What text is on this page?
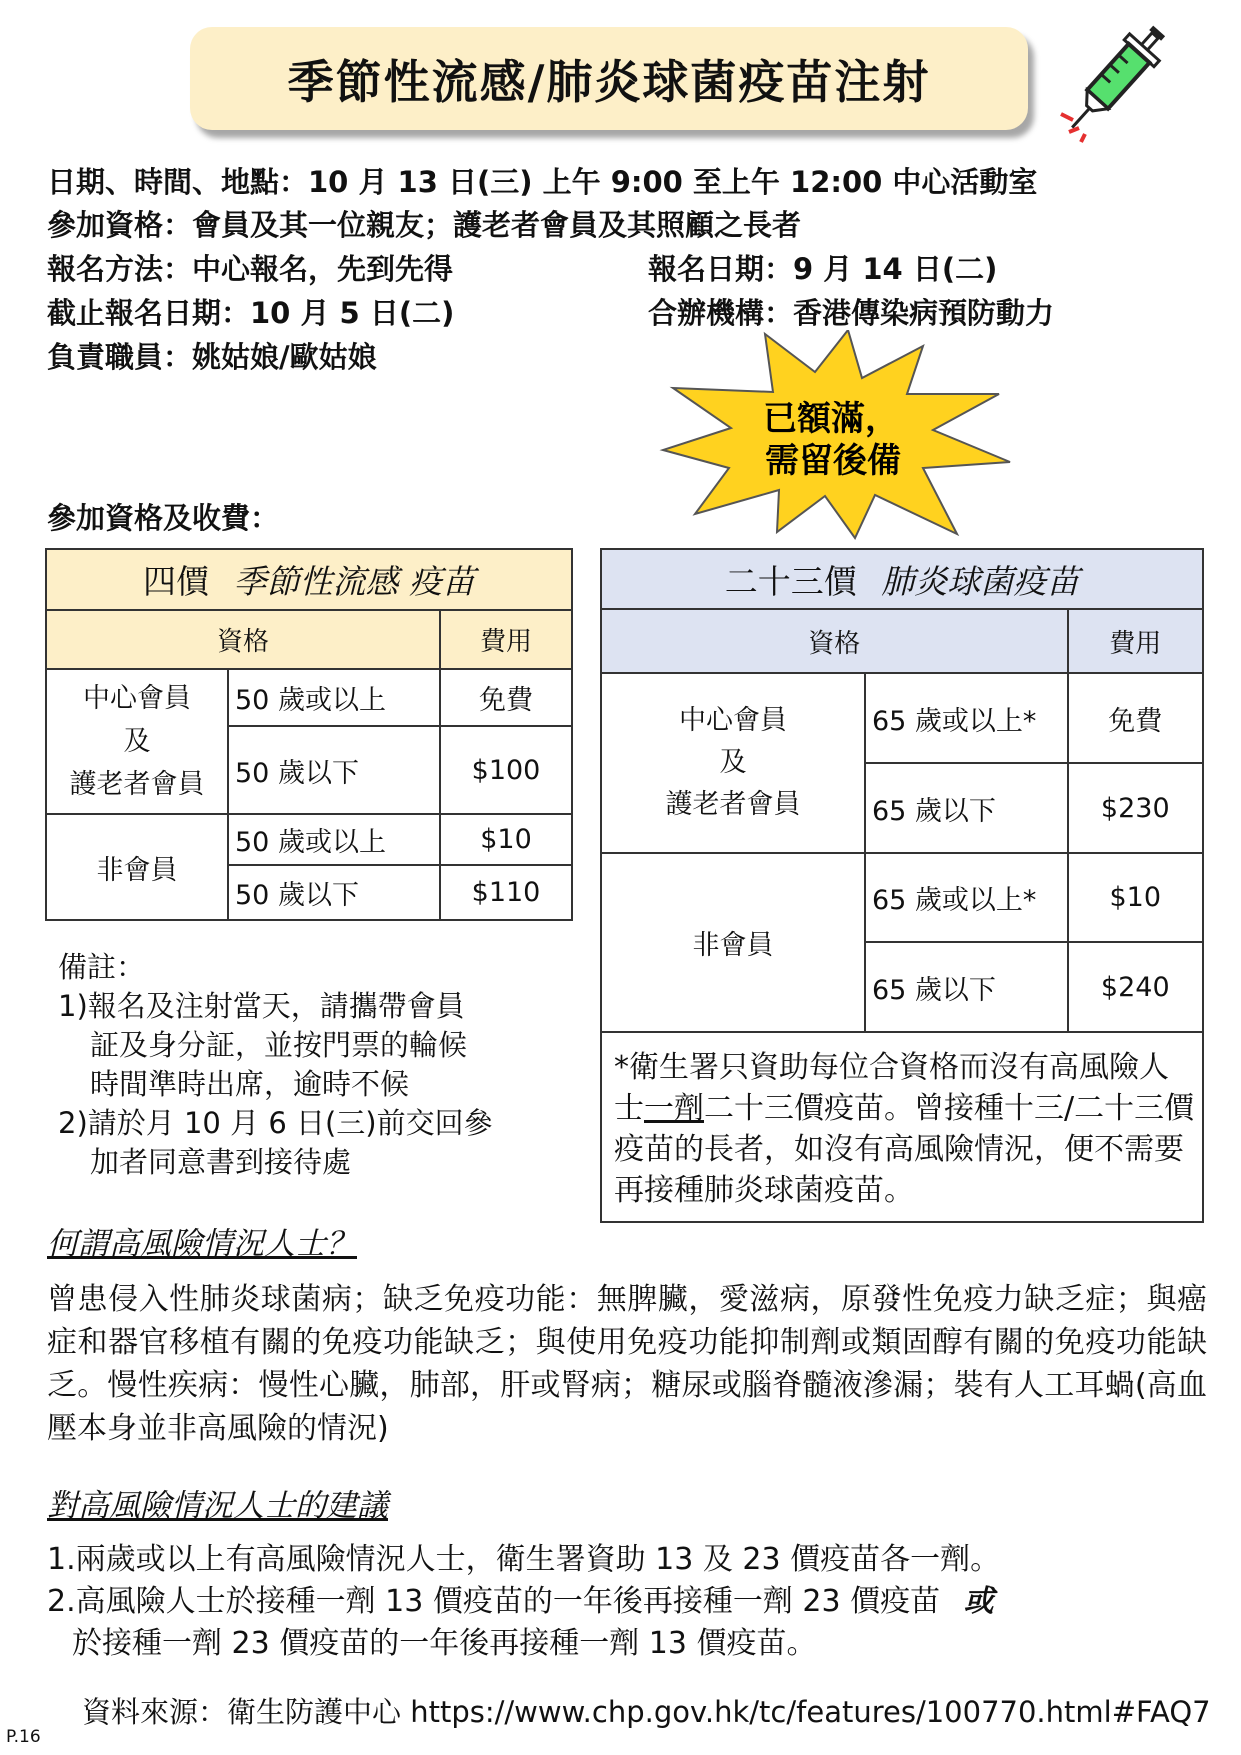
季節性流感/肺炎球菌疫苗注射
日期、時間、地點：10 月 13 日(三) 上午 9:00 至上午 12:00 中心活動室
參加資格：會員及其一位親友；護老者會員及其照顧之長者
報名方法：中心報名，先到先得	報名日期：9 月 14 日(二)
截止報名日期：10 月 5 日(二)	合辦機構：香港傳染病預防動力
負責職員：姚姑娘/歐姑娘
已額滿，
需留後備
參加資格及收費：
四價 季節性流感 疫苗		
資格		費用
中心會員
及
護老者會員	50 歲或以上	免費
	50 歲以下	$100
非會員	50 歲或以上	$10
	50 歲以下	$110
二十三價 肺炎球菌疫苗		
資格		費用
中心會員
及
護老者會員	65 歲或以上*	免費
	65 歲以下	$230
非會員	65 歲或以上*	$10
	65 歲以下	$240
*衛生署只資助每位合資格而沒有高風險人士一劑二十三價疫苗。曾接種十三/二十三價疫苗的長者，如沒有高風險情況，便不需要再接種肺炎球菌疫苗。		
備註：
1)報名及注射當天，請攜帶會員
証及身分証，並按門票的輪候
時間準時出席，逾時不候
2)請於月 10 月 6 日(三)前交回參
加者同意書到接待處
何謂高風險情況人士？
曾患侵入性肺炎球菌病；缺乏免疫功能：無脾臟，愛滋病，原發性免疫力缺乏症；與癌症和器官移植有關的免疫功能缺乏；與使用免疫功能抑制劑或類固醇有關的免疫功能缺乏。慢性疾病：慢性心臟，肺部，肝或腎病；糖尿或腦脊髓液滲漏；裝有人工耳蝸(高血壓本身並非高風險的情況)
對高風險情況人士的建議
1.兩歲或以上有高風險情況人士，衛生署資助 13 及 23 價疫苗各一劑。
2.高風險人士於接種一劑 13 價疫苗的一年後再接種一劑 23 價疫苗 或
於接種一劑 23 價疫苗的一年後再接種一劑 13 價疫苗。
資料來源：衛生防護中心 https://www.chp.gov.hk/tc/features/100770.html#FAQ7
P.16
